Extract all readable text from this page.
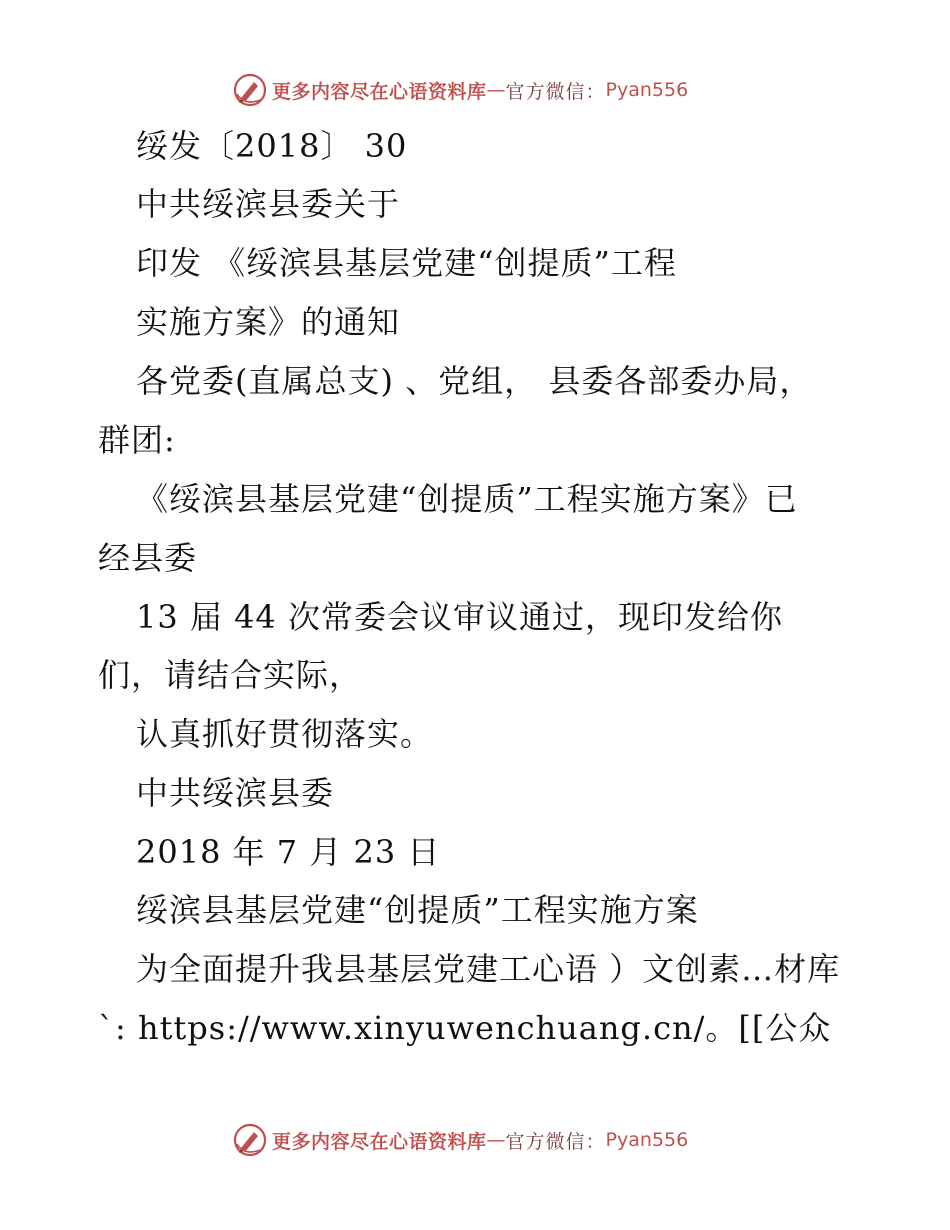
更多内容尽在心语资料库 — 官方微信： Pyan556
绥发〔2018〕 30
中共绥滨县委关于
印发 《绥滨县基层党建“创提质”工程
实施方案》的通知
各党委(直属总支) 、党组， 县委各部委办局，
群团:
《绥滨县基层党建“创提质”工程实施方案》已
经县委
13 届 44 次常委会议审议通过，现印发给你
们，请结合实际，
认真抓好贯彻落实。
中共绥滨县委
2018 年 7 月 23 日
绥滨县基层党建“创提质”工程实施方案
为全面提升我县基层党建工心语 ）文创素…材库
`: https://www.xinyuwenchuang.cn/。[[公众
更多内容尽在心语资料库 — 官方微信： Pyan556
